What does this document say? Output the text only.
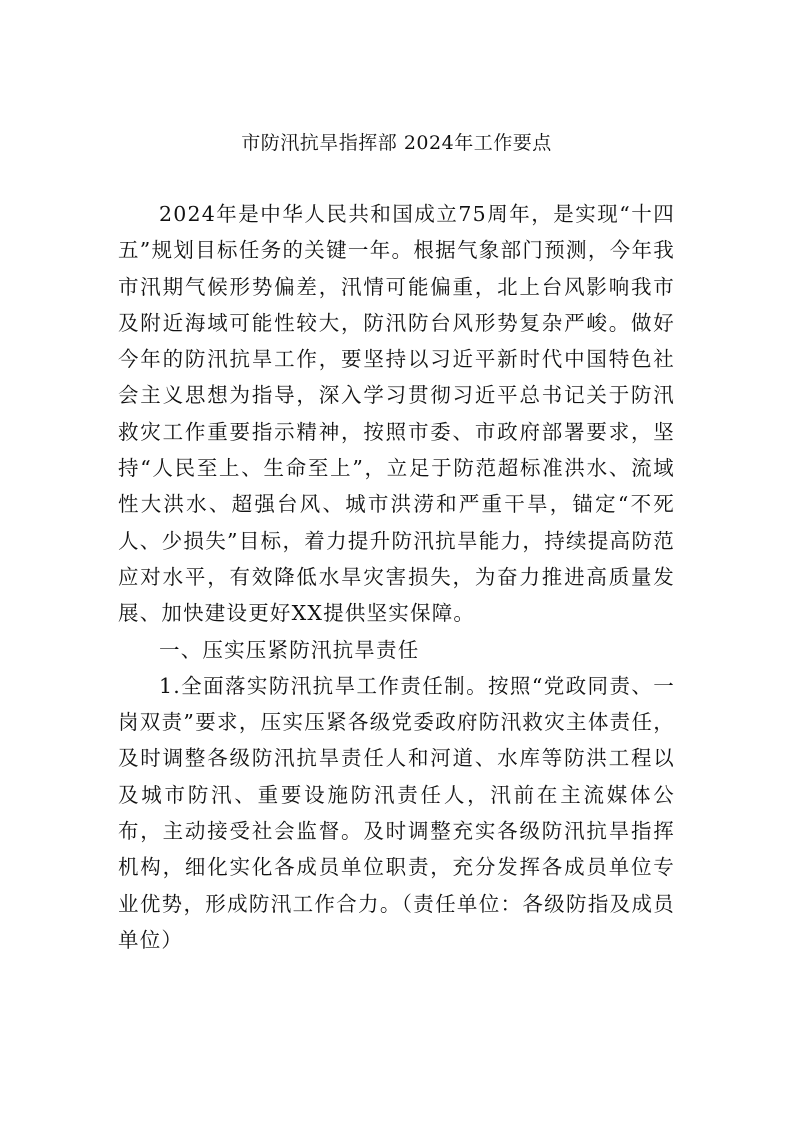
市防汛抗旱指挥部 2024年工作要点

2024年是中华人民共和国成立75周年，是实现“十四五”规划目标任务的关键一年。根据气象部门预测，今年我市汛期气候形势偏差，汛情可能偏重，北上台风影响我市及附近海域可能性较大，防汛防台风形势复杂严峻。做好今年的防汛抗旱工作，要坚持以习近平新时代中国特色社会主义思想为指导，深入学习贯彻习近平总书记关于防汛救灾工作重要指示精神，按照市委、市政府部署要求，坚持“人民至上、生命至上”，立足于防范超标准洪水、流域性大洪水、超强台风、城市洪涝和严重干旱，锚定“不死人、少损失”目标，着力提升防汛抗旱能力，持续提高防范应对水平，有效降低水旱灾害损失，为奋力推进高质量发展、加快建设更好XX提供坚实保障。

一、压实压紧防汛抗旱责任

1.全面落实防汛抗旱工作责任制。按照“党政同责、一岗双责”要求，压实压紧各级党委政府防汛救灾主体责任，及时调整各级防汛抗旱责任人和河道、水库等防洪工程以及城市防汛、重要设施防汛责任人，汛前在主流媒体公布，主动接受社会监督。及时调整充实各级防汛抗旱指挥机构，细化实化各成员单位职责，充分发挥各成员单位专业优势，形成防汛工作合力。（责任单位：各级防指及成员单位）
